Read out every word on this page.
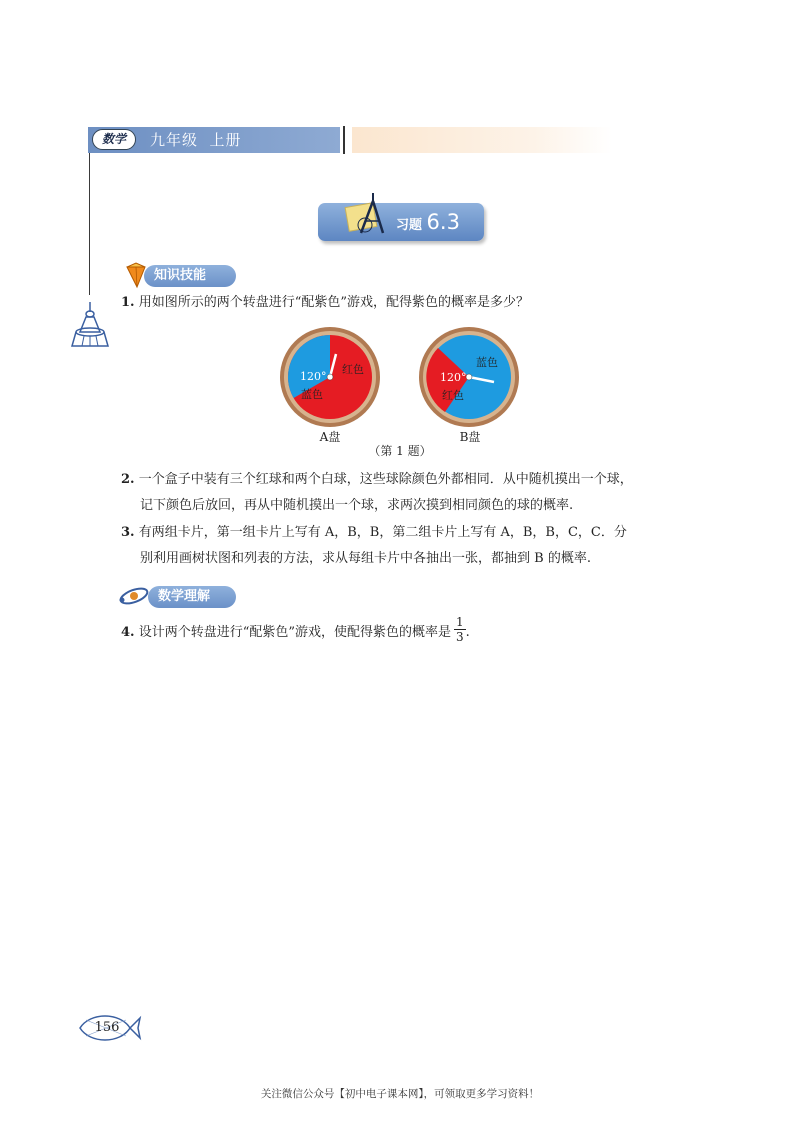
数学	九年级  上册
习题 6.3
知识技能
1. 用如图所示的两个转盘进行“配紫色”游戏，配得紫色的概率是多少？
120°
蓝色
红色
A盘
120°
红色
蓝色
B盘
（第 1 题）
2. 一个盒子中装有三个红球和两个白球，这些球除颜色外都相同．从中随机摸出一个球，
记下颜色后放回，再从中随机摸出一个球，求两次摸到相同颜色的球的概率.
3. 有两组卡片，第一组卡片上写有 A，B，B，第二组卡片上写有 A，B，B，C，C．分
别利用画树状图和列表的方法，求从每组卡片中各抽出一张，都抽到 B 的概率.
数学理解
4. 设计两个转盘进行“配紫色”游戏，使配得紫色的概率是 $\frac{1}{3}$ .
156
关注微信公众号【初中电子课本网】，可领取更多学习资料！
